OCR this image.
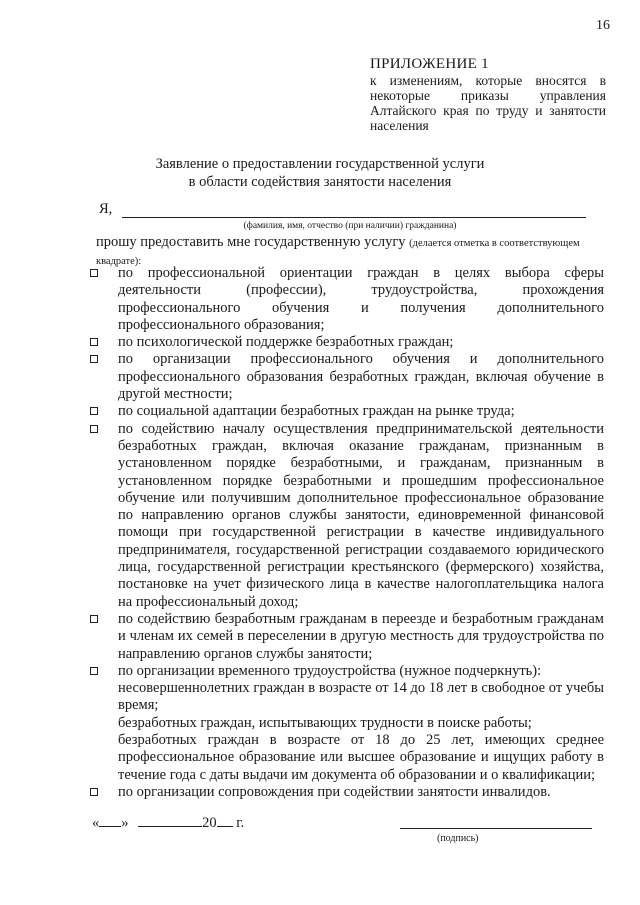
16
ПРИЛОЖЕНИЕ 1
к изменениям, которые вносятся в некоторые приказы управления Алтайского края по труду и занятости населения
Заявление о предоставлении государственной услуги
в области содействия занятости населения
Я,
(фамилия, имя, отчество (при наличии) гражданина)
прошу предоставить мне государственную услугу (делается отметка в соответствующем квадрате):
по профессиональной ориентации граждан в целях выбора сферы деятельности (профессии), трудоустройства, прохождения профессионального обучения и получения дополнительного профессионального образования;
по психологической поддержке безработных граждан;
по организации профессионального обучения и дополнительного профессионального образования безработных граждан, включая обучение в другой местности;
по социальной адаптации безработных граждан на рынке труда;
по содействию началу осуществления предпринимательской деятельности безработных граждан, включая оказание гражданам, признанным в установленном порядке безработными, и гражданам, признанным в установленном порядке безработными и прошедшим профессиональное обучение или получившим дополнительное профессиональное образование по направлению органов службы занятости, единовременной финансовой помощи при государственной регистрации в качестве индивидуального предпринимателя, государственной регистрации создаваемого юридического лица, государственной регистрации крестьянского (фермерского) хозяйства, постановке на учет физического лица в качестве налогоплательщика налога на профессиональный доход;
по содействию безработным гражданам в переезде и безработным гражданам и членам их семей в переселении в другую местность для трудоустройства по направлению органов службы занятости;
по организации временного трудоустройства (нужное подчеркнуть):
несовершеннолетних граждан в возрасте от 14 до 18 лет в свободное от учебы время;
безработных граждан, испытывающих трудности в поиске работы;
безработных граждан в возрасте от 18 до 25 лет, имеющих среднее профессиональное образование или высшее образование и ищущих работу в течение года с даты выдачи им документа об образовании и о квалификации;
по организации сопровождения при содействии занятости инвалидов.
« »	20 г.
(подпись)
